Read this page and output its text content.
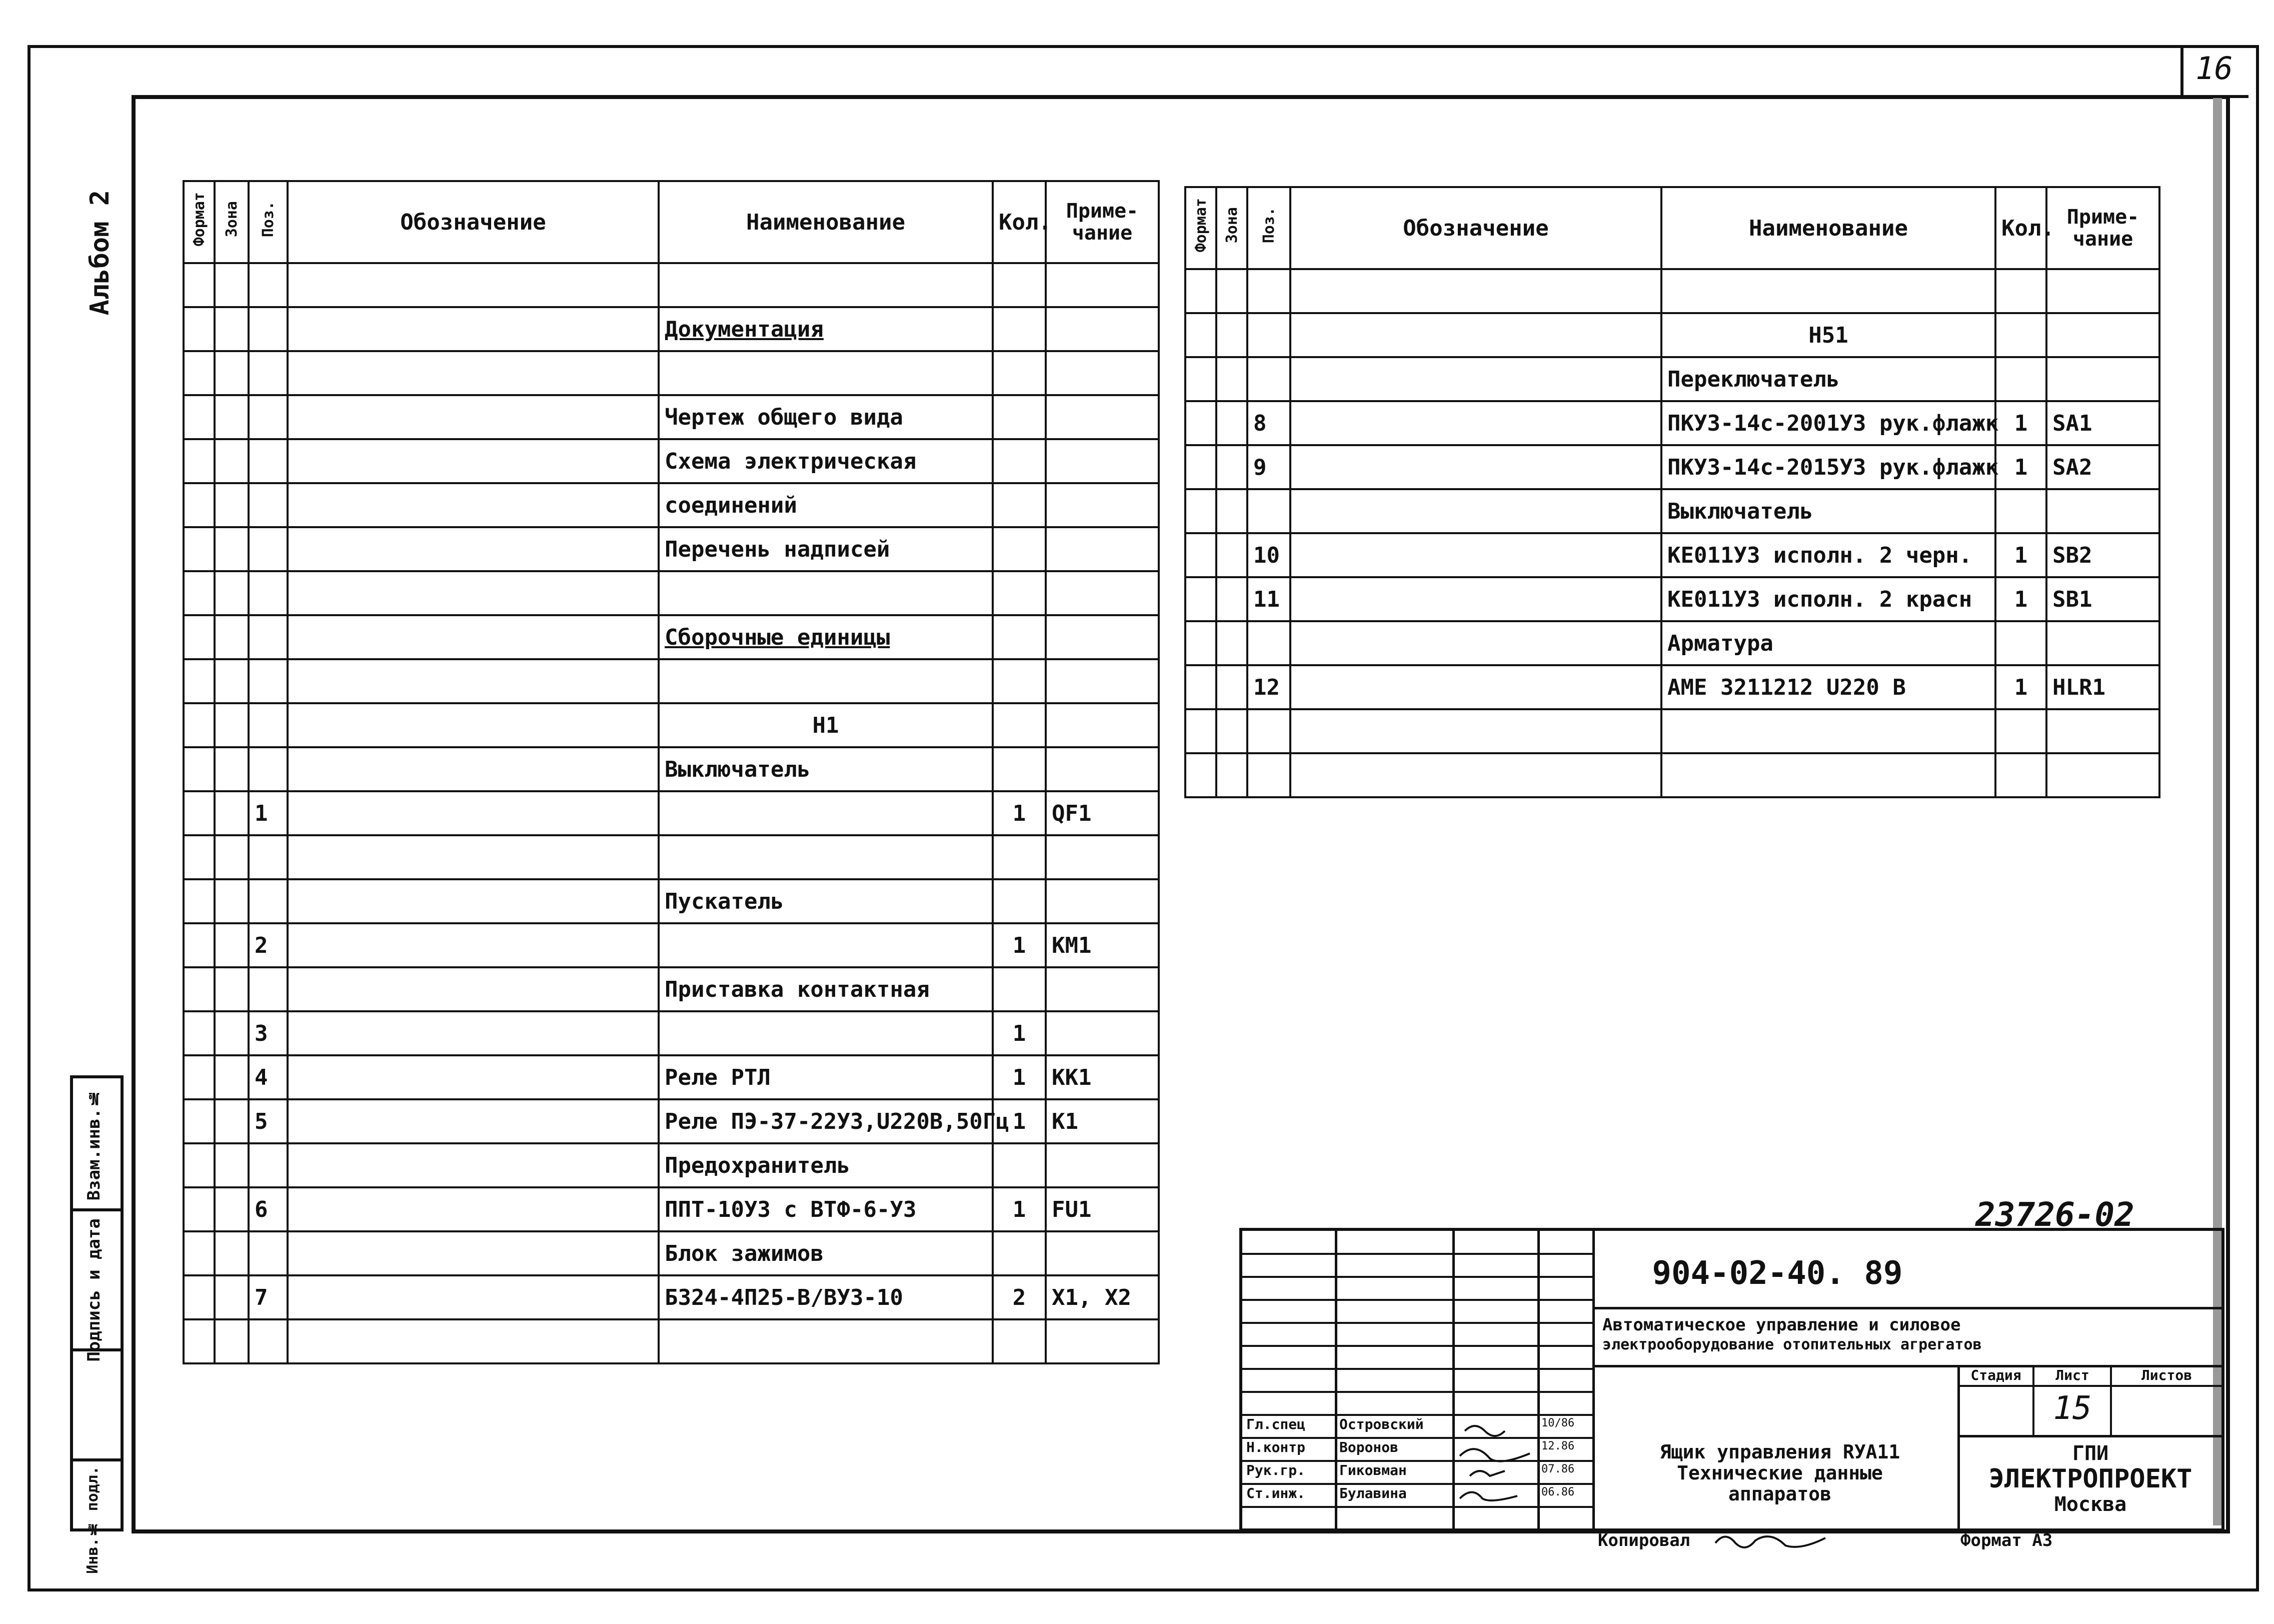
16
Альбом 2
Взам.инв.№
Подпись и дата
Инв.№ подл.
Формат	Зона	Поз.	Обозначение	Наименование	Кол.	Приме-чание

				Документация		

				Чертеж общего вида		
				Схема электрическая		
				соединений		
				Перечень надписей		

				Сборочные единицы		

				Н1		
				Выключатель		
		1			1	QF1

				Пускатель		
		2			1	КМ1
				Приставка контактная		
		3			1	
		4		Реле РТЛ	1	КК1
		5		Реле ПЭ-37-22УЗ,U220В,50Гц	1	К1
				Предохранитель		
		6		ППТ-10УЗ с ВТФ-6-УЗ	1	FU1
				Блок зажимов		
		7		Б324-4П25-В/ВУЗ-10	2	Х1, Х2

Формат	Зона	Поз.	Обозначение	Наименование	Кол.	Приме-чание

				Н51		
				Переключатель		
		8		ПКУЗ-14с-2001УЗ рук.флажк	1	SA1
		9		ПКУЗ-14с-2015УЗ рук.флажк	1	SA2
				Выключатель		
		10		КЕ011УЗ исполн. 2 черн.	1	SB2
		11		КЕ011УЗ исполн. 2 красн	1	SB1
				Арматура		
		12		АМЕ 3211212 U220 В	1	HLR1

23726-02
904-02-40. 89
Автоматическое управление и силовое
электрооборудование отопительных агрегатов
Стадия	Лист	Листов
15
Ящик управления RУА11
Технические данные
аппаратов
ГПИ
ЭЛЕКТРОПРОЕКТ
Москва
Гл.спец Островский	10/86
Н.контр Воронов	12.86
Рук.гр. Гиковман	07.86
Ст.инж. Булавина	06.86
Копировал	Формат А3
